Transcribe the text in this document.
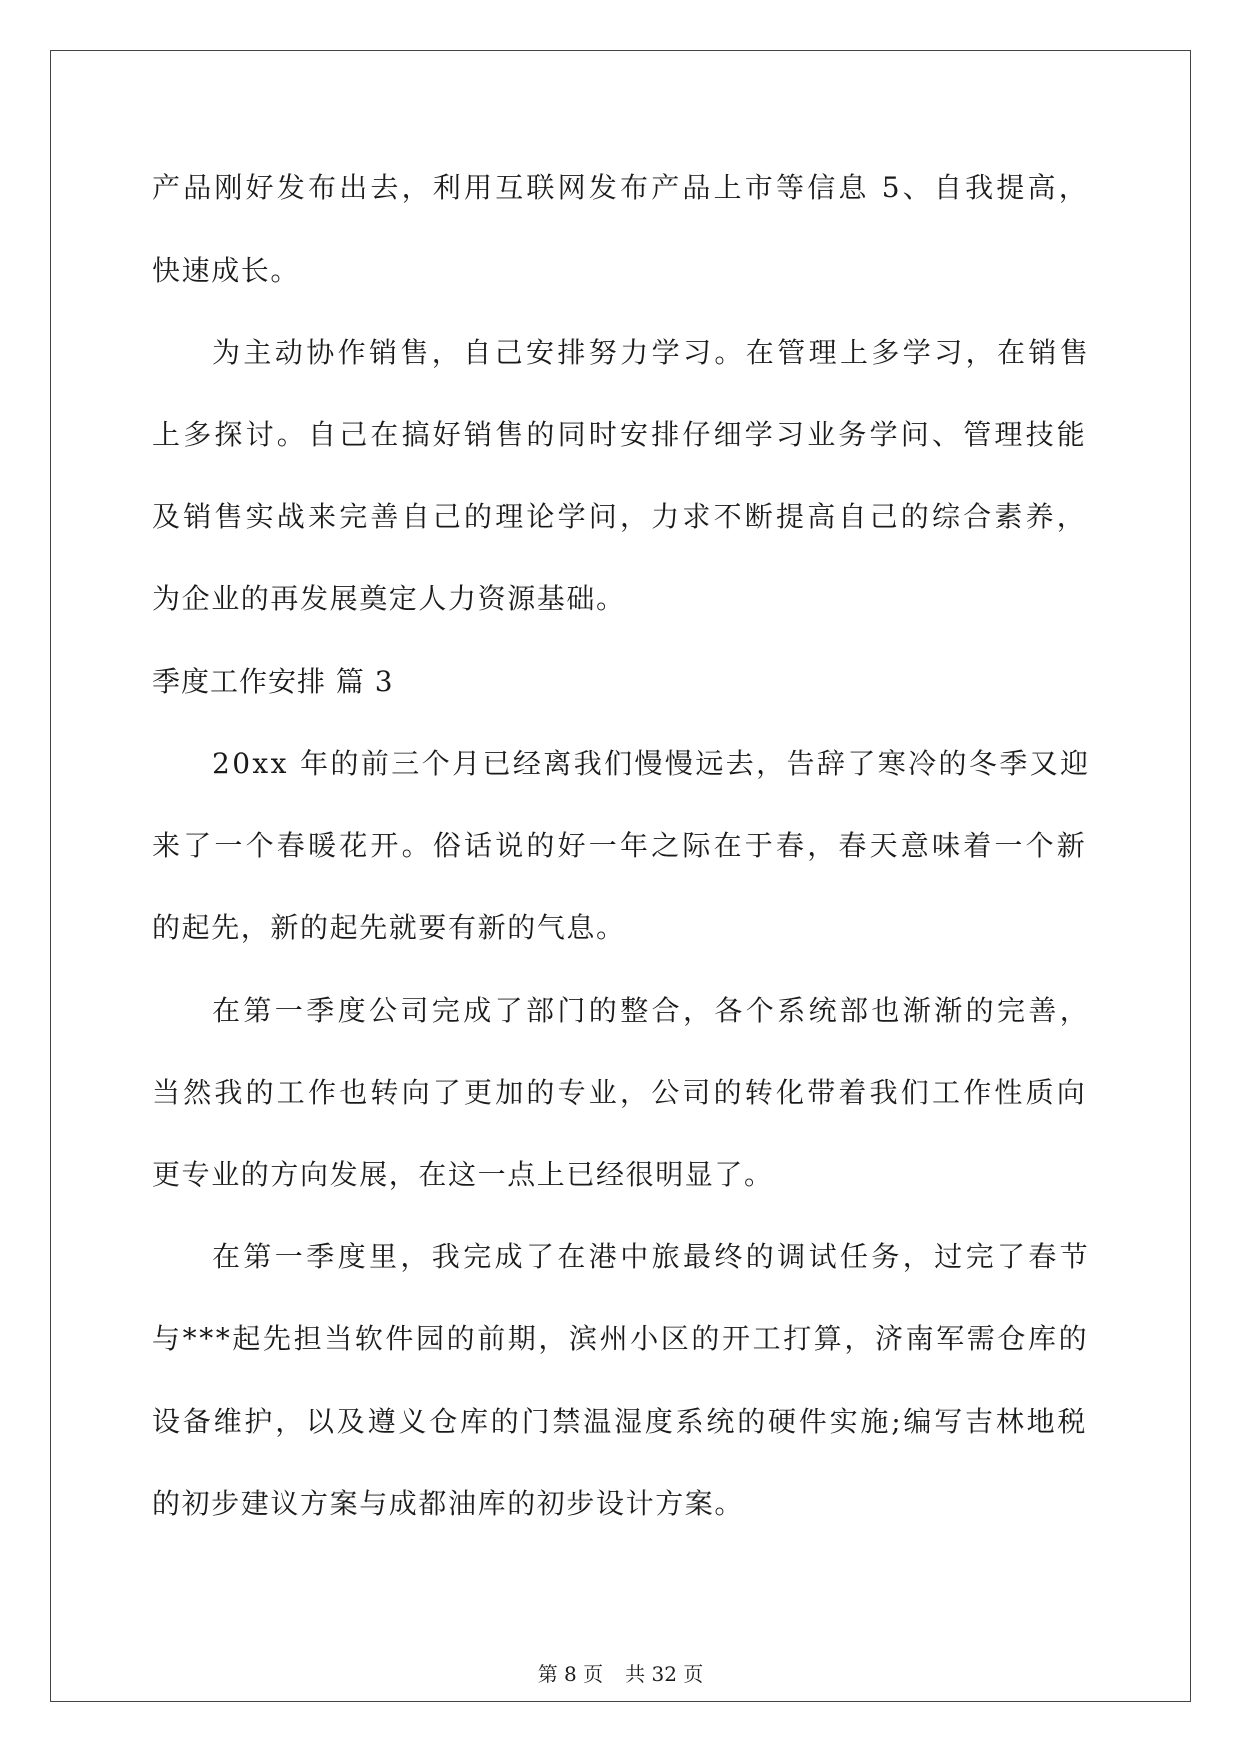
产品刚好发布出去，利用互联网发布产品上市等信息 5、自我提高，
快速成长。
为主动协作销售，自己安排努力学习。在管理上多学习，在销售
上多探讨。自己在搞好销售的同时安排仔细学习业务学问、管理技能
及销售实战来完善自己的理论学问，力求不断提高自己的综合素养，
为企业的再发展奠定人力资源基础。
季度工作安排 篇 3
20xx 年的前三个月已经离我们慢慢远去，告辞了寒冷的冬季又迎
来了一个春暖花开。俗话说的好一年之际在于春，春天意味着一个新
的起先，新的起先就要有新的气息。
在第一季度公司完成了部门的整合，各个系统部也渐渐的完善，
当然我的工作也转向了更加的专业，公司的转化带着我们工作性质向
更专业的方向发展，在这一点上已经很明显了。
在第一季度里，我完成了在港中旅最终的调试任务，过完了春节
与***起先担当软件园的前期，滨州小区的开工打算，济南军需仓库的
设备维护，以及遵义仓库的门禁温湿度系统的硬件实施;编写吉林地税
的初步建议方案与成都油库的初步设计方案。
第 8 页 共 32 页
